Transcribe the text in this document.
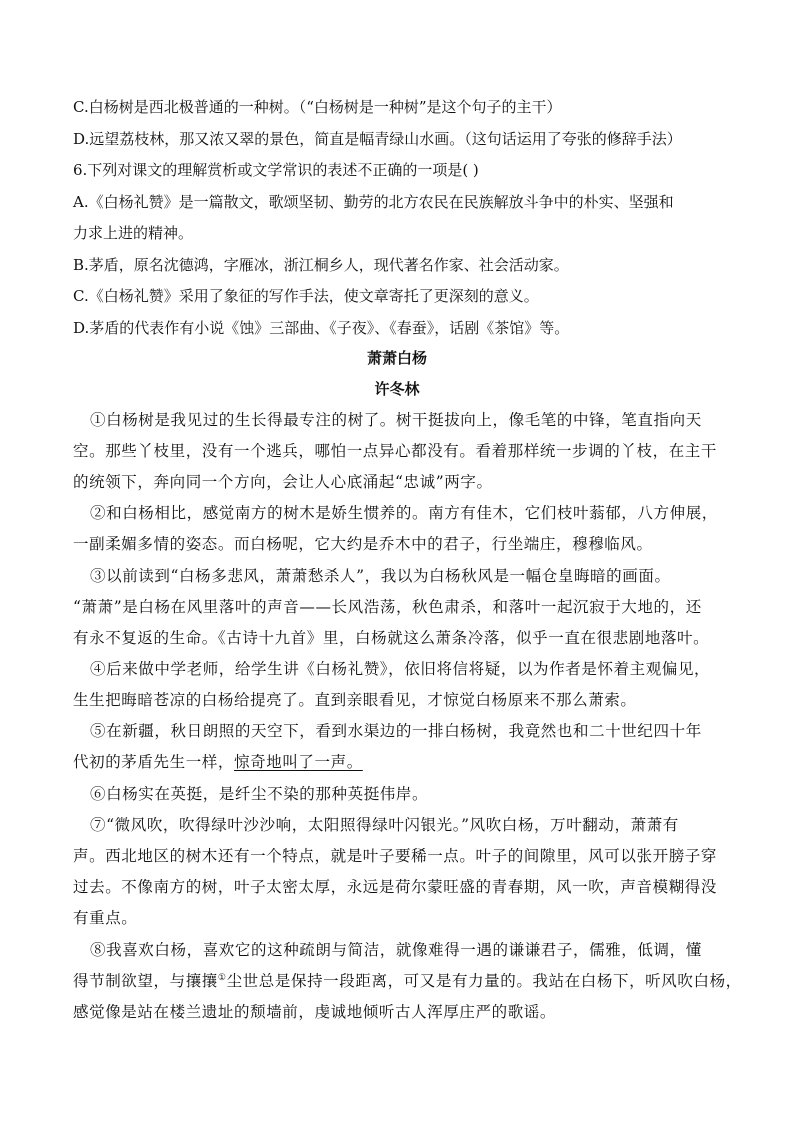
C.白杨树是西北极普通的一种树。（“白杨树是一种树”是这个句子的主干）
D.远望荔枝林，那又浓又翠的景色，简直是幅青绿山水画。（这句话运用了夸张的修辞手法）
6.下列对课文的理解赏析或文学常识的表述不正确的一项是( )
A.《白杨礼赞》是一篇散文，歌颂坚韧、勤劳的北方农民在民族解放斗争中的朴实、坚强和
力求上进的精神。
B.茅盾，原名沈德鸿，字雁冰，浙江桐乡人，现代著名作家、社会活动家。
C.《白杨礼赞》采用了象征的写作手法，使文章寄托了更深刻的意义。
D.茅盾的代表作有小说《蚀》三部曲、《子夜》、《春蚕》，话剧《茶馆》等。
萧萧白杨
许冬林
①白杨树是我见过的生长得最专注的树了。树干挺拔向上，像毛笔的中锋，笔直指向天
空。那些丫枝里，没有一个逃兵，哪怕一点异心都没有。看着那样统一步调的丫枝，在主干
的统领下，奔向同一个方向，会让人心底涌起“忠诚”两字。
②和白杨相比，感觉南方的树木是娇生惯养的。南方有佳木，它们枝叶蓊郁，八方伸展，
一副柔媚多情的姿态。而白杨呢，它大约是乔木中的君子，行坐端庄，穆穆临风。
③以前读到“白杨多悲风，萧萧愁杀人”，我以为白杨秋风是一幅仓皇晦暗的画面。
“萧萧”是白杨在风里落叶的声音——长风浩荡，秋色肃杀，和落叶一起沉寂于大地的，还
有永不复返的生命。《古诗十九首》里，白杨就这么萧条冷落，似乎一直在很悲剧地落叶。
④后来做中学老师，给学生讲《白杨礼赞》，依旧将信将疑，以为作者是怀着主观偏见，
生生把晦暗苍凉的白杨给提亮了。直到亲眼看见，才惊觉白杨原来不那么萧索。
⑤在新疆，秋日朗照的天空下，看到水渠边的一排白杨树，我竟然也和二十世纪四十年
代初的茅盾先生一样，惊奇地叫了一声。
⑥白杨实在英挺，是纤尘不染的那种英挺伟岸。
⑦“微风吹，吹得绿叶沙沙响，太阳照得绿叶闪银光。”风吹白杨，万叶翻动，萧萧有
声。西北地区的树木还有一个特点，就是叶子要稀一点。叶子的间隙里，风可以张开膀子穿
过去。不像南方的树，叶子太密太厚，永远是荷尔蒙旺盛的青春期，风一吹，声音模糊得没
有重点。
⑧我喜欢白杨，喜欢它的这种疏朗与简洁，就像难得一遇的谦谦君子，儒雅，低调，懂
得节制欲望，与攘攘①尘世总是保持一段距离，可又是有力量的。我站在白杨下，听风吹白杨，
感觉像是站在楼兰遗址的颓墙前，虔诚地倾听古人浑厚庄严的歌谣。
